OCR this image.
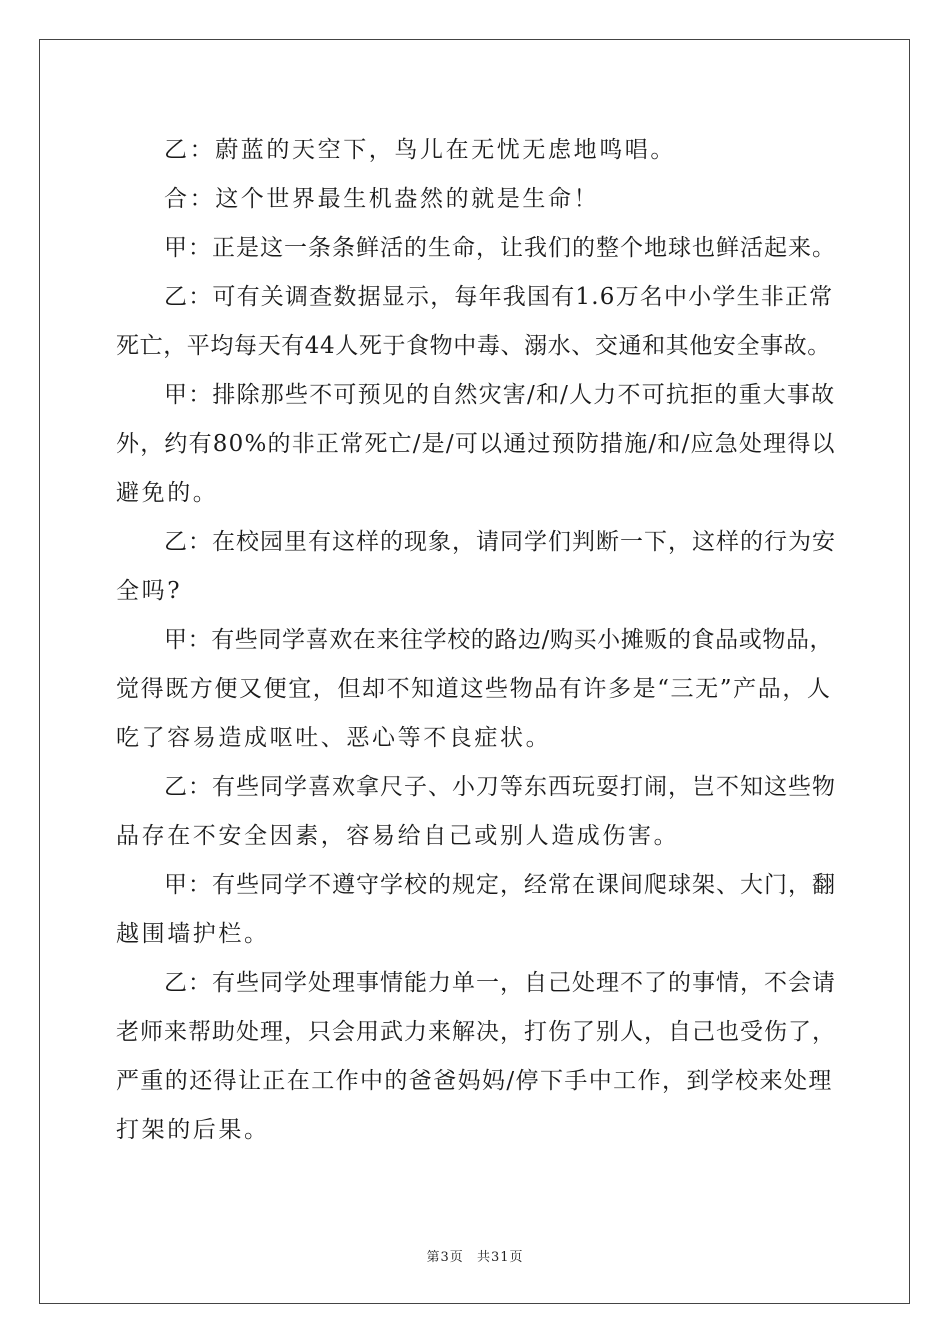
乙：蔚蓝的天空下，鸟儿在无忧无虑地鸣唱。
合：这个世界最生机盎然的就是生命！
甲：正是这一条条鲜活的生命，让我们的整个地球也鲜活起来。
乙：可有关调查数据显示，每年我国有1.6万名中小学生非正常
死亡，平均每天有44人死于食物中毒、溺水、交通和其他安全事故。
甲：排除那些不可预见的自然灾害/和/人力不可抗拒的重大事故
外，约有80%的非正常死亡/是/可以通过预防措施/和/应急处理得以
避免的。
乙：在校园里有这样的现象，请同学们判断一下，这样的行为安
全吗?
甲：有些同学喜欢在来往学校的路边/购买小摊贩的食品或物品，
觉得既方便又便宜，但却不知道这些物品有许多是“三无”产品，人
吃了容易造成呕吐、恶心等不良症状。
乙：有些同学喜欢拿尺子、小刀等东西玩耍打闹，岂不知这些物
品存在不安全因素，容易给自己或别人造成伤害。
甲：有些同学不遵守学校的规定，经常在课间爬球架、大门，翻
越围墙护栏。
乙：有些同学处理事情能力单一，自己处理不了的事情，不会请
老师来帮助处理，只会用武力来解决，打伤了别人，自己也受伤了，
严重的还得让正在工作中的爸爸妈妈/停下手中工作，到学校来处理
打架的后果。
第3页 共31页
